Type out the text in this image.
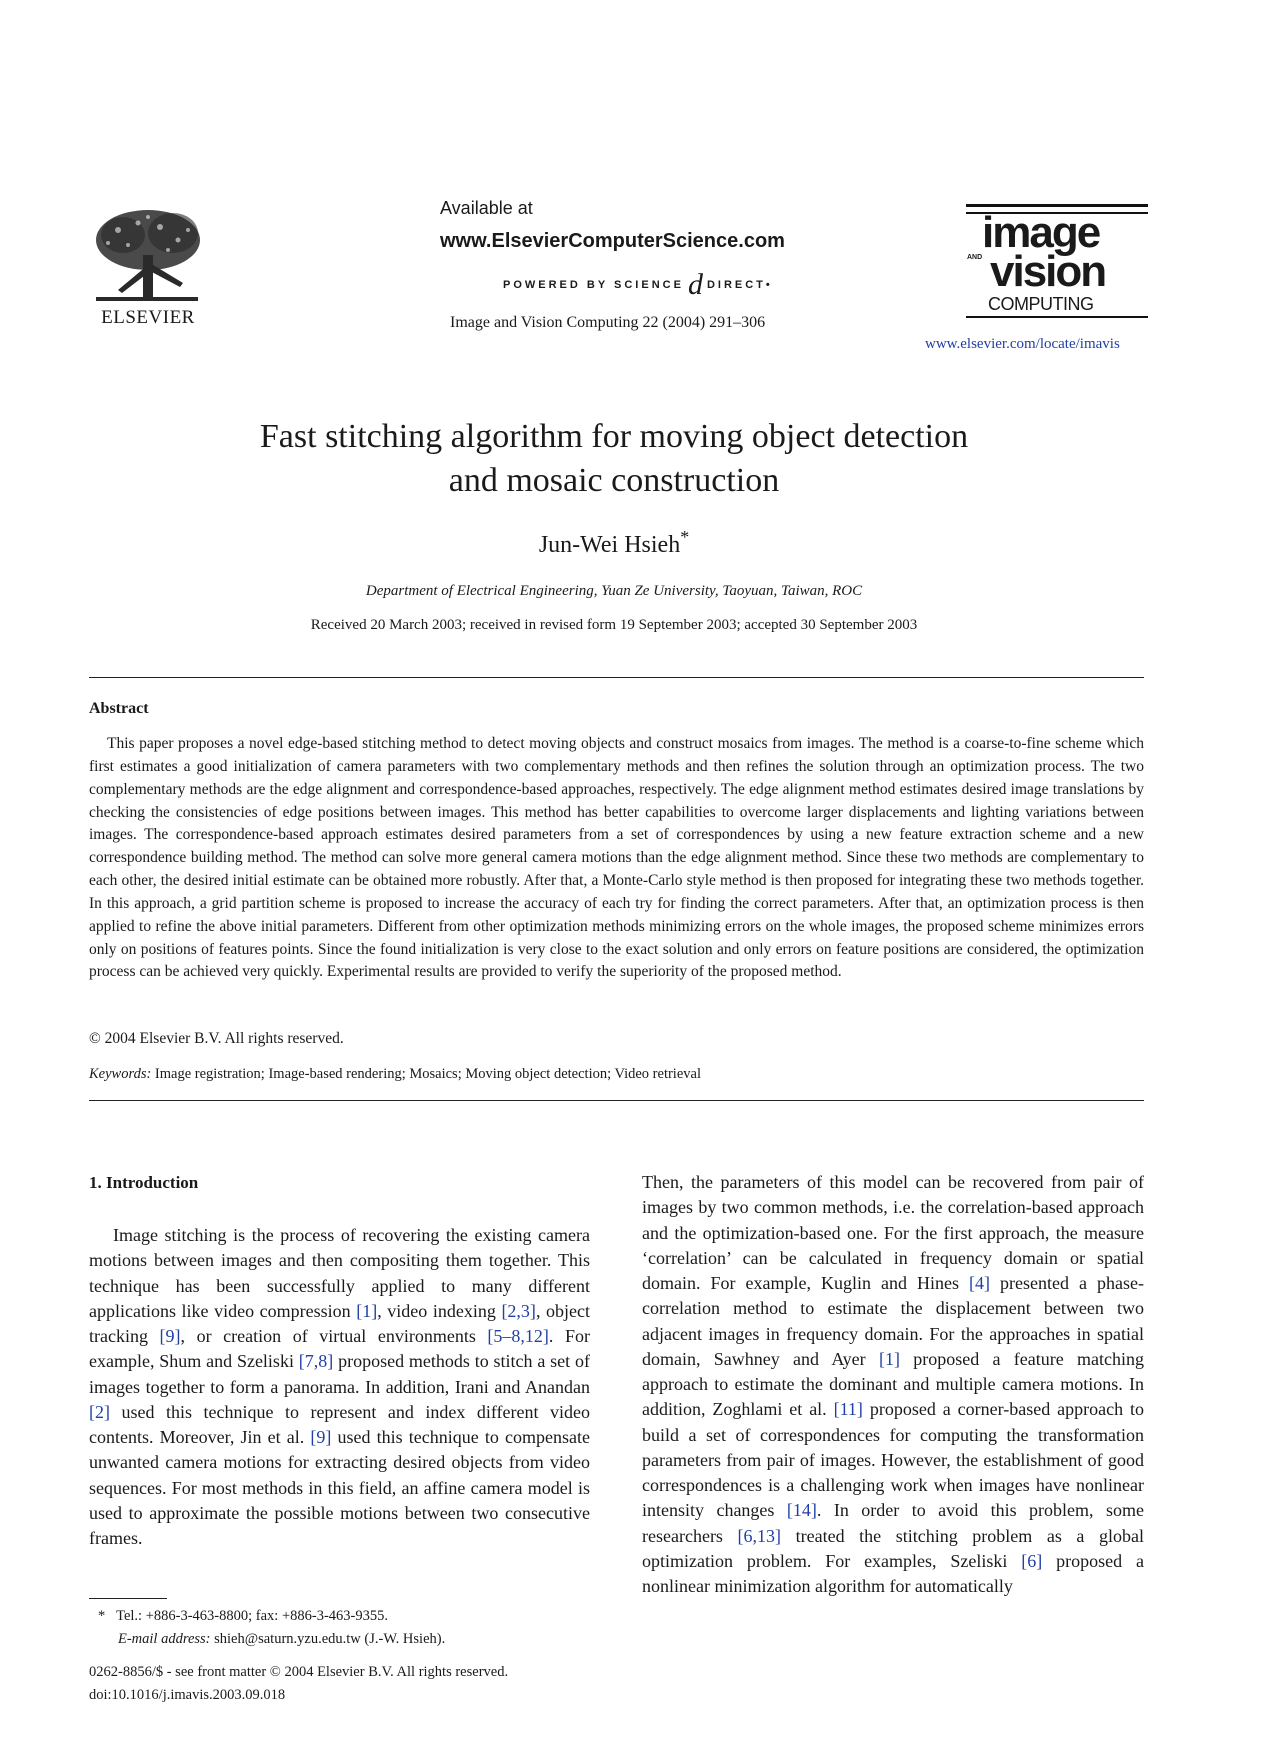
ELSEVIER
Available at
www.ElsevierComputerScience.com
POWERED BY SCIENCE d DIRECT•
Image and Vision Computing 22 (2004) 291–306
image
AND vision
COMPUTING
www.elsevier.com/locate/imavis
Fast stitching algorithm for moving object detection
and mosaic construction
Jun-Wei Hsieh*
Department of Electrical Engineering, Yuan Ze University, Taoyuan, Taiwan, ROC
Received 20 March 2003; received in revised form 19 September 2003; accepted 30 September 2003
Abstract
This paper proposes a novel edge-based stitching method to detect moving objects and construct mosaics from images. The method is a coarse-to-fine scheme which first estimates a good initialization of camera parameters with two complementary methods and then refines the solution through an optimization process. The two complementary methods are the edge alignment and correspondence-based approaches, respectively. The edge alignment method estimates desired image translations by checking the consistencies of edge positions between images. This method has better capabilities to overcome larger displacements and lighting variations between images. The correspondence-based approach estimates desired parameters from a set of correspondences by using a new feature extraction scheme and a new correspondence building method. The method can solve more general camera motions than the edge alignment method. Since these two methods are complementary to each other, the desired initial estimate can be obtained more robustly. After that, a Monte-Carlo style method is then proposed for integrating these two methods together. In this approach, a grid partition scheme is proposed to increase the accuracy of each try for finding the correct parameters. After that, an optimization process is then applied to refine the above initial parameters. Different from other optimization methods minimizing errors on the whole images, the proposed scheme minimizes errors only on positions of features points. Since the found initialization is very close to the exact solution and only errors on feature positions are considered, the optimization process can be achieved very quickly. Experimental results are provided to verify the superiority of the proposed method.
© 2004 Elsevier B.V. All rights reserved.
Keywords: Image registration; Image-based rendering; Mosaics; Moving object detection; Video retrieval
1. Introduction
Image stitching is the process of recovering the existing camera motions between images and then compositing them together. This technique has been successfully applied to many different applications like video compression [1], video indexing [2,3], object tracking [9], or creation of virtual environments [5–8,12]. For example, Shum and Szeliski [7,8] proposed methods to stitch a set of images together to form a panorama. In addition, Irani and Anandan [2] used this technique to represent and index different video contents. Moreover, Jin et al. [9] used this technique to compensate unwanted camera motions for extracting desired objects from video sequences. For most methods in this field, an affine camera model is used to approximate the possible motions between two consecutive frames.
Then, the parameters of this model can be recovered from pair of images by two common methods, i.e. the correlation-based approach and the optimization-based one. For the first approach, the measure ‘correlation’ can be calculated in frequency domain or spatial domain. For example, Kuglin and Hines [4] presented a phase-correlation method to estimate the displacement between two adjacent images in frequency domain. For the approaches in spatial domain, Sawhney and Ayer [1] proposed a feature matching approach to estimate the dominant and multiple camera motions. In addition, Zoghlami et al. [11] proposed a corner-based approach to build a set of correspondences for computing the transformation parameters from pair of images. However, the establishment of good correspondences is a challenging work when images have nonlinear intensity changes [14]. In order to avoid this problem, some researchers [6,13] treated the stitching problem as a global optimization problem. For examples, Szeliski [6] proposed a nonlinear minimization algorithm for automatically
* Tel.: +886-3-463-8800; fax: +886-3-463-9355.
E-mail address: shieh@saturn.yzu.edu.tw (J.-W. Hsieh).
0262-8856/$ - see front matter © 2004 Elsevier B.V. All rights reserved.
doi:10.1016/j.imavis.2003.09.018
